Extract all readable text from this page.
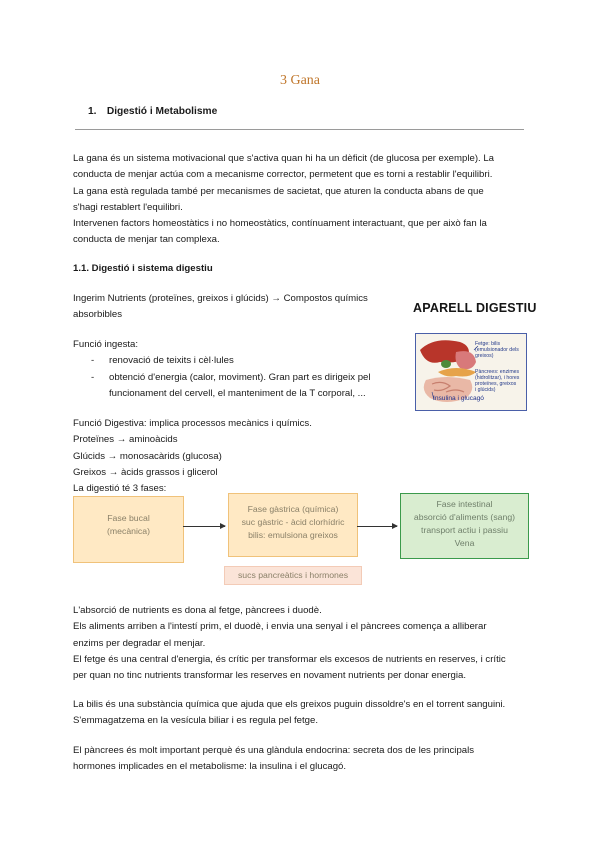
3 Gana
1. Digestió i Metabolisme
La gana és un sistema motivacional que s'activa quan hi ha un dèficit (de glucosa per exemple). La
conducta de menjar actúa com a mecanisme corrector, permetent que es torni a restablir l'equilibri.
La gana està regulada també per mecanismes de sacietat, que aturen la conducta abans de que
s'hagi restablert l'equilibri.
Intervenen factors homeostàtics i no homeostàtics, contínuament interactuant, que per això fan la
conducta de menjar tan complexa.
1.1. Digestió i sistema digestiu
Ingerim Nutrients (proteïnes, greixos i glúcids) → Compostos químics
absorbibles
Funció ingesta:
- renovació de teixits i cèl·lules
- obtenció d'energia (calor, moviment). Gran part es dirigeix pel
funcionament del cervell, el manteniment de la T corporal, ...
APARELL DIGESTIU
Fetge: bilis
(emulsionador dels
greixos)
Pàncrees: enzimes
(hidrolitzar), i hores
proteïnes, greixos
i glúcids)
Insulina i glucagó
Funció Digestiva: implica processos mecànics i químics.
Proteïnes → aminoàcids
Glúcids → monosacàrids (glucosa)
Greixos → àcids grassos i glicerol
La digestió té 3 fases:
Fase bucal
(mecànica)
Fase gàstrica (química)
suc gàstric - àcid clorhídric
bilis: emulsiona greixos
Fase intestinal
absorció d'aliments (sang)
transport actiu i passiu
Vena
sucs pancreàtics i hormones
L'absorció de nutrients es dona al fetge, pàncrees i duodè.
Els aliments arriben a l'intestí prim, el duodè, i envia una senyal i el pàncrees comença a alliberar
enzims per degradar el menjar.
El fetge és una central d'energia, és crític per transformar els excesos de nutrients en reserves, i crític
per quan no tinc nutrients transformar les reserves en novament nutrients per donar energia.
La bilis és una substància química que ajuda que els greixos puguin dissoldre's en el torrent sanguini.
S'emmagatzema en la vesícula biliar i es regula pel fetge.
El pàncrees és molt important perquè és una glàndula endocrina: secreta dos de les principals
hormones implicades en el metabolisme: la insulina i el glucagó.
